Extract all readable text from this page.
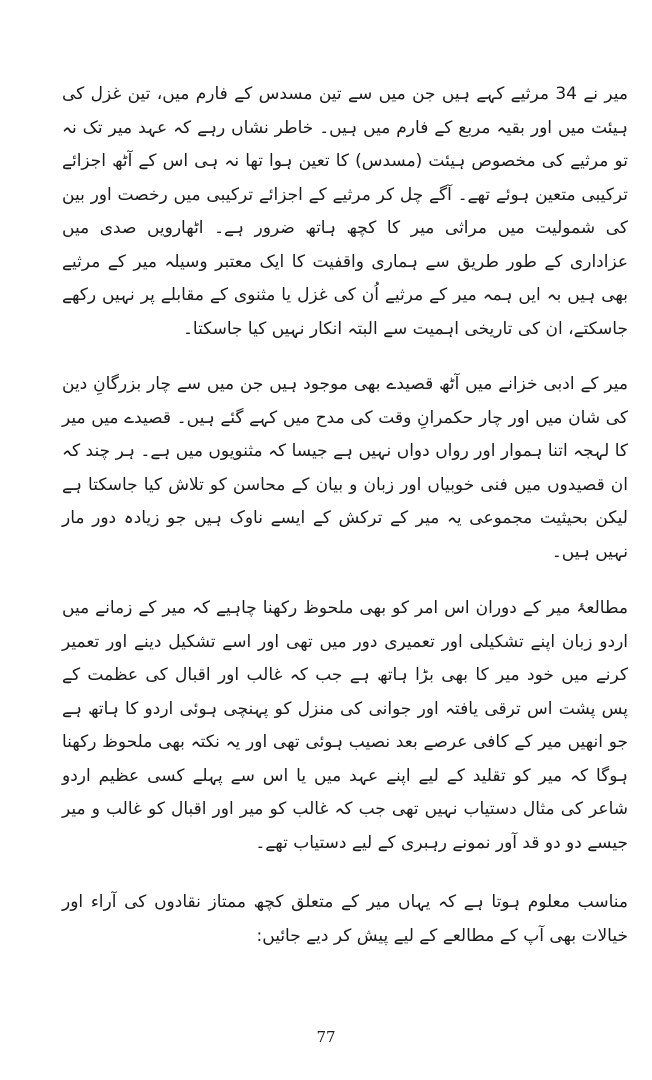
میر نے 34 مرثیے کہے ہیں جن میں سے تین مسدس کے فارم میں، تین غزل کی ہیئت میں اور بقیہ مربع کے فارم میں ہیں۔ خاطر نشاں رہے کہ عہد میر تک نہ تو مرثیے کی مخصوص ہیئت (مسدس) کا تعین ہوا تھا نہ ہی اس کے آٹھ اجزائے ترکیبی متعین ہوئے تھے۔ آگے چل کر مرثیے کے اجزائے ترکیبی میں رخصت اور بین کی شمولیت میں مراثی میر کا کچھ ہاتھ ضرور ہے۔ اٹھارویں صدی میں عزاداری کے طور طریق سے ہماری واقفیت کا ایک معتبر وسیلہ میر کے مرثیے بھی ہیں بہ ایں ہمہ میر کے مرثیے اُن کی غزل یا مثنوی کے مقابلے پر نہیں رکھے جاسکتے، ان کی تاریخی اہمیت سے البتہ انکار نہیں کیا جاسکتا۔

میر کے ادبی خزانے میں آٹھ قصیدے بھی موجود ہیں جن میں سے چار بزرگانِ دین کی شان میں اور چار حکمرانِ وقت کی مدح میں کہے گئے ہیں۔ قصیدے میں میر کا لہجہ اتنا ہموار اور رواں دواں نہیں ہے جیسا کہ مثنویوں میں ہے۔ ہر چند کہ ان قصیدوں میں فنی خوبیاں اور زبان و بیان کے محاسن کو تلاش کیا جاسکتا ہے لیکن بحیثیت مجموعی یہ میر کے ترکش کے ایسے ناوک ہیں جو زیادہ دور مار نہیں ہیں۔

مطالعۂ میر کے دوران اس امر کو بھی ملحوظ رکھنا چاہیے کہ میر کے زمانے میں اردو زبان اپنے تشکیلی اور تعمیری دور میں تھی اور اسے تشکیل دینے اور تعمیر کرنے میں خود میر کا بھی بڑا ہاتھ ہے جب کہ غالب اور اقبال کی عظمت کے پس پشت اس ترقی یافتہ اور جوانی کی منزل کو پہنچی ہوئی اردو کا ہاتھ ہے جو انھیں میر کے کافی عرصے بعد نصیب ہوئی تھی اور یہ نکتہ بھی ملحوظ رکھنا ہوگا کہ میر کو تقلید کے لیے اپنے عہد میں یا اس سے پہلے کسی عظیم اردو شاعر کی مثال دستیاب نہیں تھی جب کہ غالب کو میر اور اقبال کو غالب و میر جیسے دو دو قد آور نمونے رہبری کے لیے دستیاب تھے۔

مناسب معلوم ہوتا ہے کہ یہاں میر کے متعلق کچھ ممتاز نقادوں کی آراء اور خیالات بھی آپ کے مطالعے کے لیے پیش کر دیے جائیں:

77
